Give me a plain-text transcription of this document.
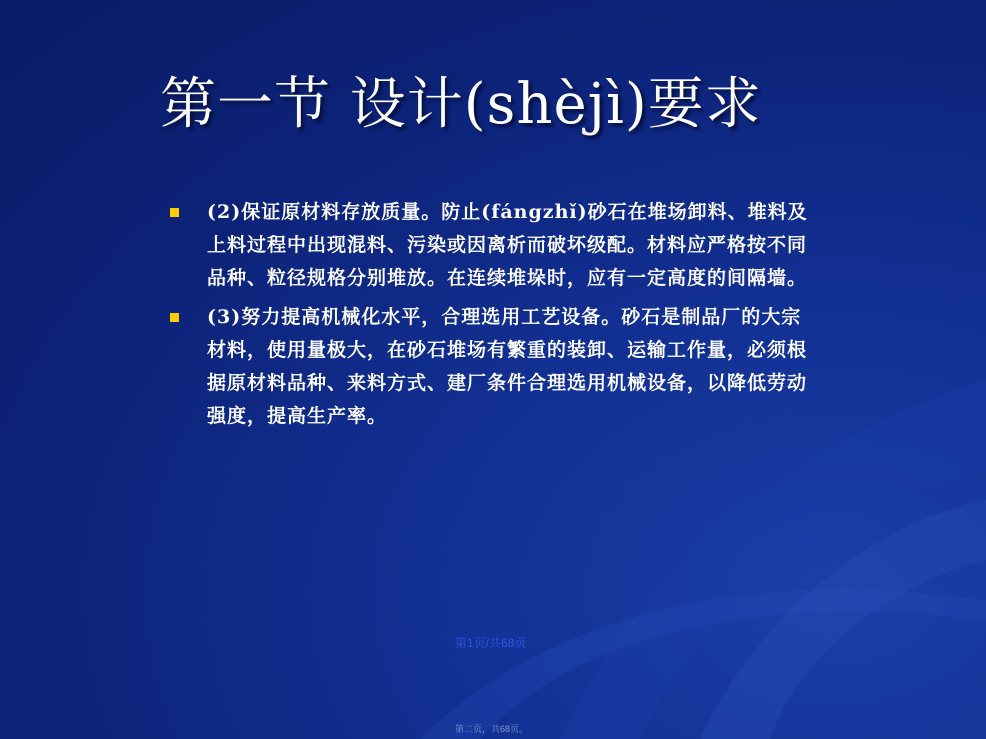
第一节 设计(shèjì)要求
(2)保证原材料存放质量。防止(fángzhǐ)砂石在堆场卸料、堆料及上料过程中出现混料、污染或因离析而破坏级配。材料应严格按不同品种、粒径规格分别堆放。在连续堆垛时，应有一定高度的间隔墙。
(3)努力提高机械化水平，合理选用工艺设备。砂石是制品厂的大宗材料，使用量极大，在砂石堆场有繁重的装卸、运输工作量，必须根据原材料品种、来料方式、建厂条件合理选用机械设备，以降低劳动强度，提高生产率。
第1页/共68页
第二页，共68页。
